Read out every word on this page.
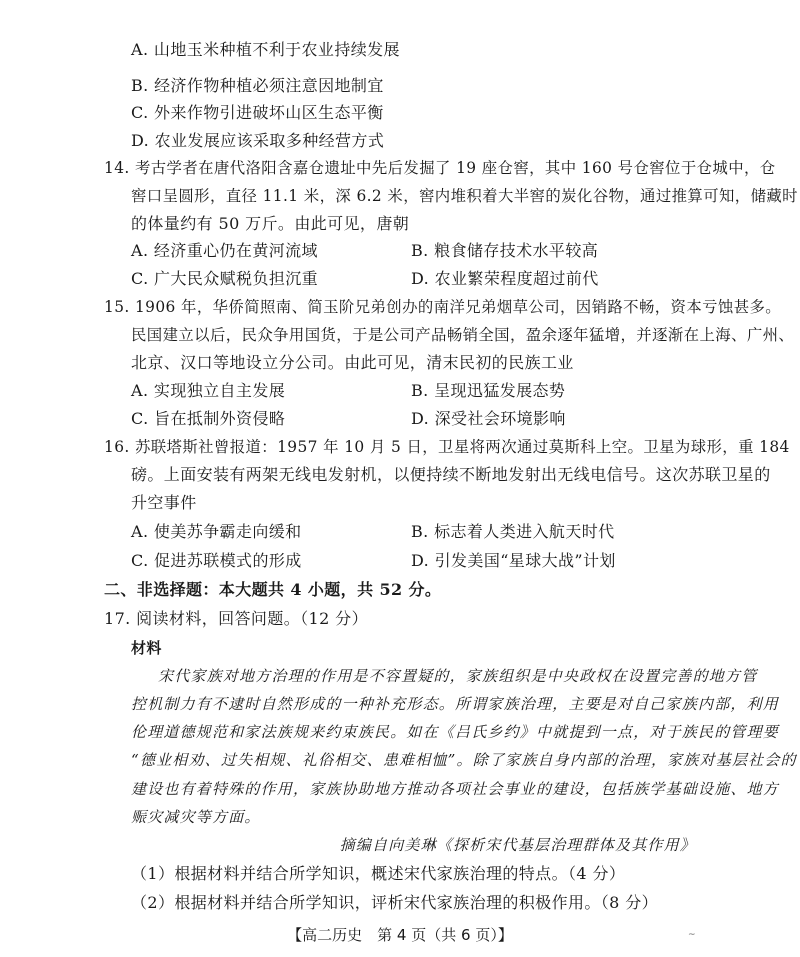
A. 山地玉米种植不利于农业持续发展
B. 经济作物种植必须注意因地制宜
C. 外来作物引进破坏山区生态平衡
D. 农业发展应该采取多种经营方式
14. 考古学者在唐代洛阳含嘉仓遗址中先后发掘了 19 座仓窖，其中 160 号仓窖位于仓城中，仓
窖口呈圆形，直径 11.1 米，深 6.2 米，窖内堆积着大半窖的炭化谷物，通过推算可知，储藏时
的体量约有 50 万斤。由此可见，唐朝
A. 经济重心仍在黄河流域	B. 粮食储存技术水平较高
C. 广大民众赋税负担沉重	D. 农业繁荣程度超过前代
15. 1906 年，华侨简照南、简玉阶兄弟创办的南洋兄弟烟草公司，因销路不畅，资本亏蚀甚多。
民国建立以后，民众争用国货，于是公司产品畅销全国，盈余逐年猛增，并逐渐在上海、广州、
北京、汉口等地设立分公司。由此可见，清末民初的民族工业
A. 实现独立自主发展	B. 呈现迅猛发展态势
C. 旨在抵制外资侵略	D. 深受社会环境影响
16. 苏联塔斯社曾报道：1957 年 10 月 5 日，卫星将两次通过莫斯科上空。卫星为球形，重 184
磅。上面安装有两架无线电发射机，以便持续不断地发射出无线电信号。这次苏联卫星的
升空事件
A. 使美苏争霸走向缓和	B. 标志着人类进入航天时代
C. 促进苏联模式的形成	D. 引发美国“星球大战”计划
二、非选择题：本大题共 4 小题，共 52 分。
17. 阅读材料，回答问题。（12 分）
材料
宋代家族对地方治理的作用是不容置疑的，家族组织是中央政权在设置完善的地方管
控机制力有不逮时自然形成的一种补充形态。所谓家族治理，主要是对自己家族内部，利用
伦理道德规范和家法族规来约束族民。如在《吕氏乡约》中就提到一点，对于族民的管理要
“德业相劝、过失相规、礼俗相交、患难相恤”。除了家族自身内部的治理，家族对基层社会的
建设也有着特殊的作用，家族协助地方推动各项社会事业的建设，包括族学基础设施、地方
赈灾减灾等方面。
摘编自向美琳《探析宋代基层治理群体及其作用》
（1）根据材料并结合所学知识，概述宋代家族治理的特点。（4 分）
（2）根据材料并结合所学知识，评析宋代家族治理的积极作用。（8 分）
【高二历史　第 4 页（共 6 页）】	~
